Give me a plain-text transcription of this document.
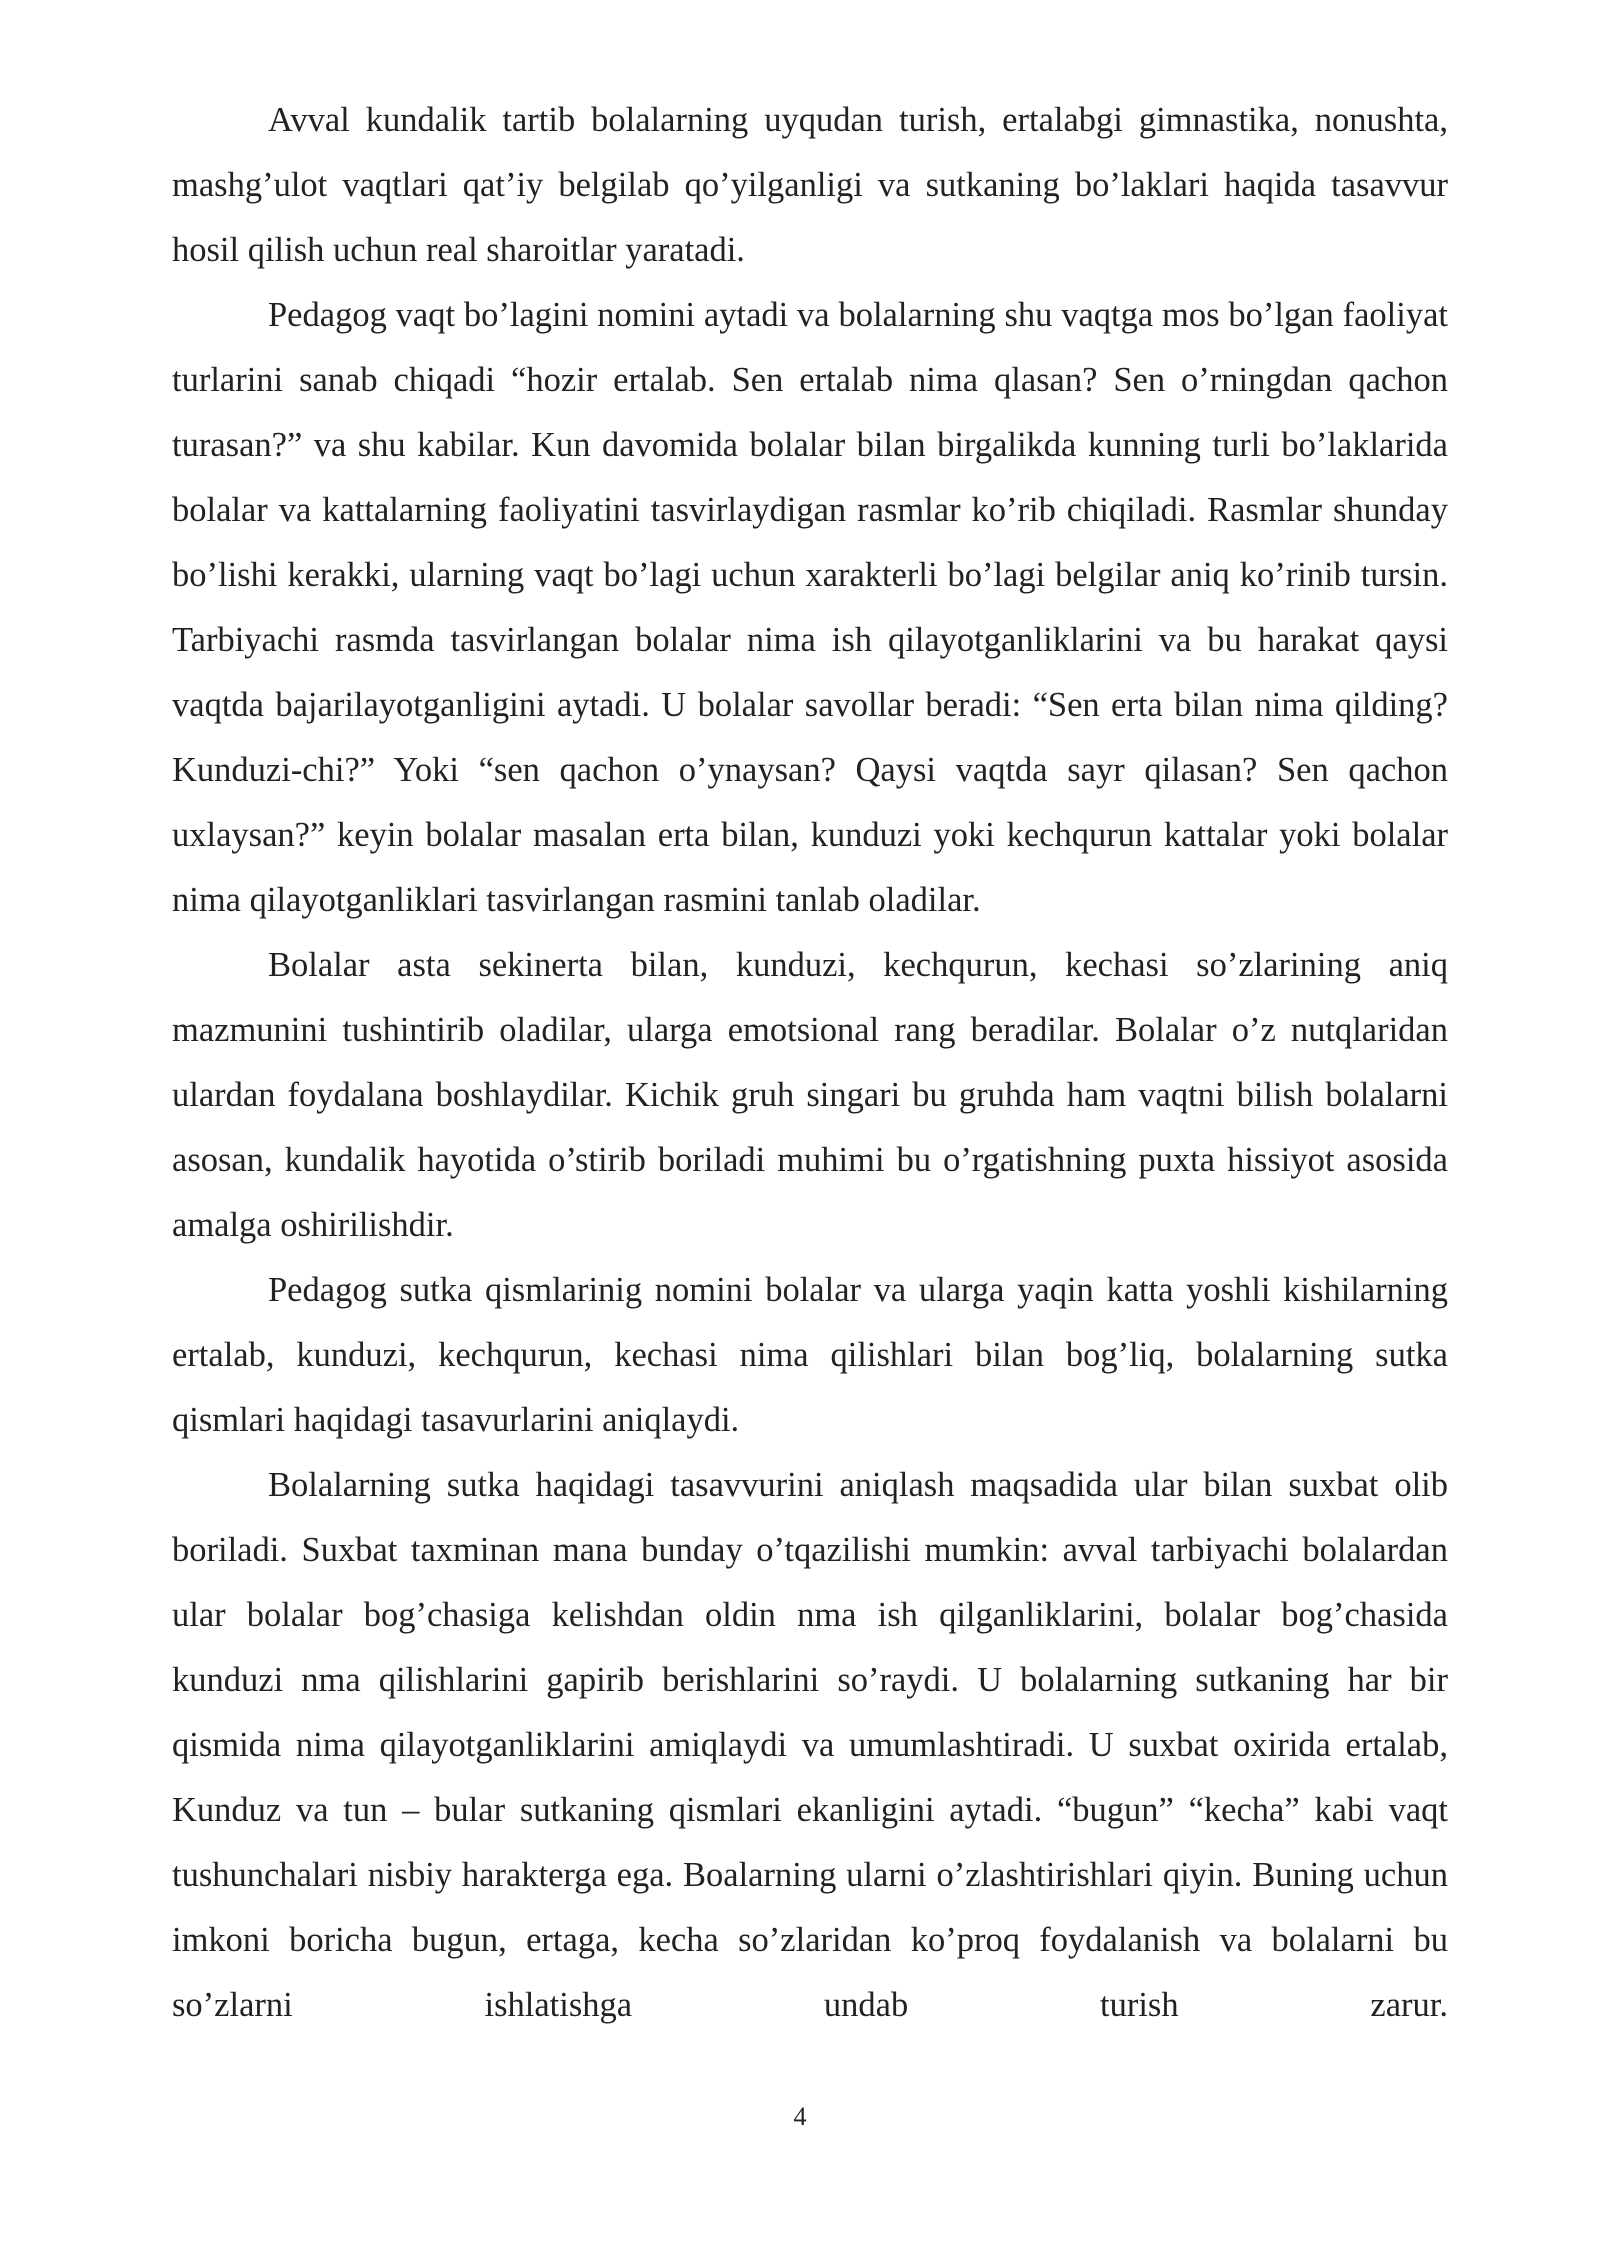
Avval kundalik tartib bolalarning uyqudan turish, ertalabgi gimnastika, nonushta, mashg’ulot vaqtlari qat’iy belgilab qo’yilganligi va sutkaning bo’laklari haqida tasavvur hosil qilish uchun real sharoitlar yaratadi.

Pedagog vaqt bo’lagini nomini aytadi va bolalarning shu vaqtga mos bo’lgan faoliyat turlarini sanab chiqadi “hozir ertalab. Sen ertalab nima qlasan? Sen o’rningdan qachon turasan?” va shu kabilar. Kun davomida bolalar bilan birgalikda kunning turli bo’laklarida bolalar va kattalarning faoliyatini tasvirlaydigan rasmlar ko’rib chiqiladi. Rasmlar shunday bo’lishi kerakki, ularning vaqt bo’lagi uchun xarakterli bo’lagi belgilar aniq ko’rinib tursin. Tarbiyachi rasmda tasvirlangan bolalar nima ish qilayotganliklarini va bu harakat qaysi vaqtda bajarilayotganligini aytadi. U bolalar savollar beradi: “Sen erta bilan nima qilding? Kunduzi-chi?” Yoki “sen qachon o’ynaysan? Qaysi vaqtda sayr qilasan? Sen qachon uxlaysan?” keyin bolalar masalan erta bilan, kunduzi yoki kechqurun kattalar yoki bolalar nima qilayotganliklari tasvirlangan rasmini tanlab oladilar.

Bolalar asta sekinerta bilan, kunduzi, kechqurun, kechasi so’zlarining aniq mazmunini tushintirib oladilar, ularga emotsional rang beradilar. Bolalar o’z nutqlaridan ulardan foydalana boshlaydilar. Kichik gruh singari bu gruhda ham vaqtni bilish bolalarni asosan, kundalik hayotida o’stirib boriladi muhimi bu o’rgatishning puxta hissiyot asosida amalga oshirilishdir.

Pedagog sutka qismlarinig nomini bolalar va ularga yaqin katta yoshli kishilarning ertalab, kunduzi, kechqurun, kechasi nima qilishlari bilan bog’liq, bolalarning sutka qismlari haqidagi tasavurlarini aniqlaydi.

Bolalarning sutka haqidagi tasavvurini aniqlash maqsadida ular bilan suxbat olib boriladi. Suxbat taxminan mana bunday o’tqazilishi mumkin: avval tarbiyachi bolalardan ular bolalar bog’chasiga kelishdan oldin nma ish qilganliklarini, bolalar bog’chasida kunduzi nma qilishlarini gapirib berishlarini so’raydi. U bolalarning sutkaning har bir qismida nima qilayotganliklarini amiqlaydi va umumlashtiradi. U suxbat oxirida ertalab, Kunduz va tun – bular sutkaning qismlari ekanligini aytadi. “bugun” “kecha” kabi vaqt tushunchalari nisbiy harakterga ega. Boalarning ularni o’zlashtirishlari qiyin. Buning uchun imkoni boricha bugun, ertaga, kecha so’zlaridan ko’proq foydalanish va bolalarni bu so’zlarni ishlatishga undab turish zarur.

4
